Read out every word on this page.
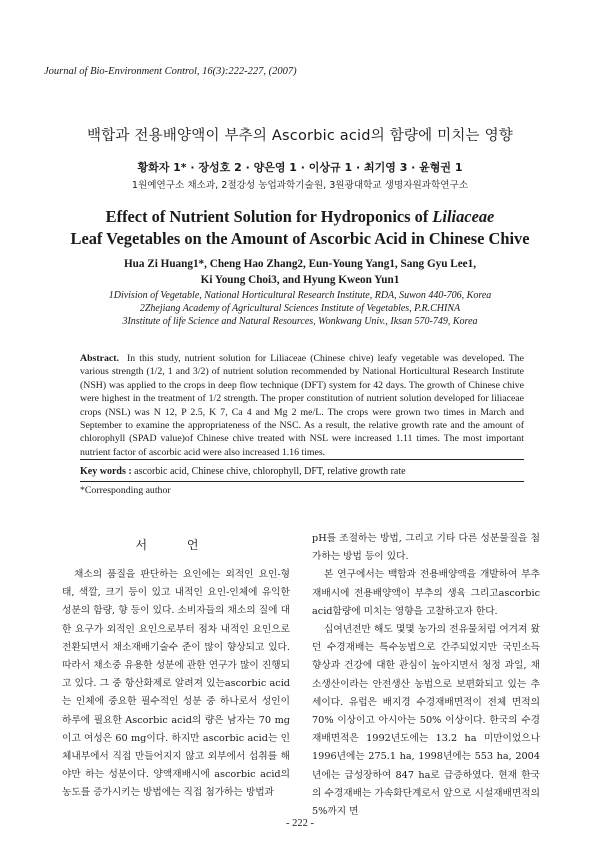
Journal of Bio-Environment Control, 16(3):222-227, (2007)
백합과 전용배양액이 부추의 Ascorbic acid의 함량에 미치는 영향
황화자 1* · 장성호 2 · 양은영 1 · 이상규 1 · 최기영 3 · 윤형권 1
1원예연구소 채소과, 2절강성 농업과학기술원, 3원광대학교 생명자원과학연구소
Effect of Nutrient Solution for Hydroponics of Liliaceae
Leaf Vegetables on the Amount of Ascorbic Acid in Chinese Chive
Hua Zi Huang1*, Cheng Hao Zhang2, Eun-Young Yang1, Sang Gyu Lee1,
Ki Young Choi3, and Hyung Kweon Yun1
1Division of Vegetable, National Horticultural Research Institute, RDA, Suwon 440-706, Korea
2Zhejiang Academy of Agricultural Sciences Institute of Vegetables, P.R.CHINA
3Institute of life Science and Natural Resources, Wonkwang Univ., Iksan 570-749, Korea
Abstract. In this study, nutrient solution for Liliaceae (Chinese chive) leafy vegetable was developed. The various strength (1/2, 1 and 3/2) of nutrient solution recommended by National Horticultural Research Institute (NSH) was applied to the crops in deep flow technique (DFT) system for 42 days. The growth of Chinese chive were highest in the treatment of 1/2 strength. The proper constitution of nutrient solution developed for liliaceae crops (NSL) was N 12, P 2.5, K 7, Ca 4 and Mg 2 me/L. The crops were grown two times in March and September to examine the appropriateness of the NSC. As a result, the relative growth rate and the amount of chlorophyll (SPAD value)of Chinese chive treated with NSL were increased 1.11 times. The most important nutrient factor of ascorbic acid were also increased 1.16 times.
Key words : ascorbic acid, Chinese chive, chlorophyll, DFT, relative growth rate
*Corresponding author
서 언

채소의 품질을 판단하는 요인에는 외적인 요인-형태, 색깔, 크기 등이 있고 내적인 요인-인체에 유익한 성분의 함량, 향 등이 있다. 소비자들의 채소의 질에 대한 요구가 외적인 요인으로부터 점차 내적인 요인으로 전환되면서 채소재배기술수 준이 많이 향상되고 있다. 따라서 채소중 유용한 성분에 관한 연구가 많이 진행되고 있다. 그 중 항산화제로 알려져 있는ascorbic acid는 인체에 중요한 필수적인 성분 중 하나로서 성인이 하루에 필요한 Ascorbic acid의 량은 남자는 70 mg이고 여성은 60 mg이다. 하지만 ascorbic acid는 인체내부에서 직접 만들어지지 않고 외부에서 섭취를 해야만 하는 성분이다. 양액재배시에 ascorbic acid의 농도를 증가시키는 방법에는 직접 첨가하는 방법과

pH를 조절하는 방법, 그리고 기타 다른 성분물질을 첨가하는 방법 등이 있다.

본 연구에서는 백합과 전용배양액을 개발하여 부추재배시에 전용배양액이 부추의 생육 그리고ascorbic acid함량에 미치는 영향을 고찰하고자 한다.

십여년전만 해도 몇몇 농가의 전유물처럼 여겨져 왔던 수경재배는 특수농법으로 간주되었지만 국민소득 향상과 건강에 대한 관심이 높아지면서 청정 과일, 채소생산이라는 안전생산 농법으로 보편화되고 있는 추세이다. 유럽은 배지경 수경재배면적이 전체 면적의 70% 이상이고 아시아는 50% 이상이다. 한국의 수경재배면적은 1992년도에는 13.2 ha 미만이었으나 1996년에는 275.1 ha, 1998년에는 553 ha, 2004년에는 급성장하여 847 ha로 급증하였다. 현재 한국의 수경재배는 가속화단계로서 앞으로 시설재배면적의 5%까지 면

- 222 -
